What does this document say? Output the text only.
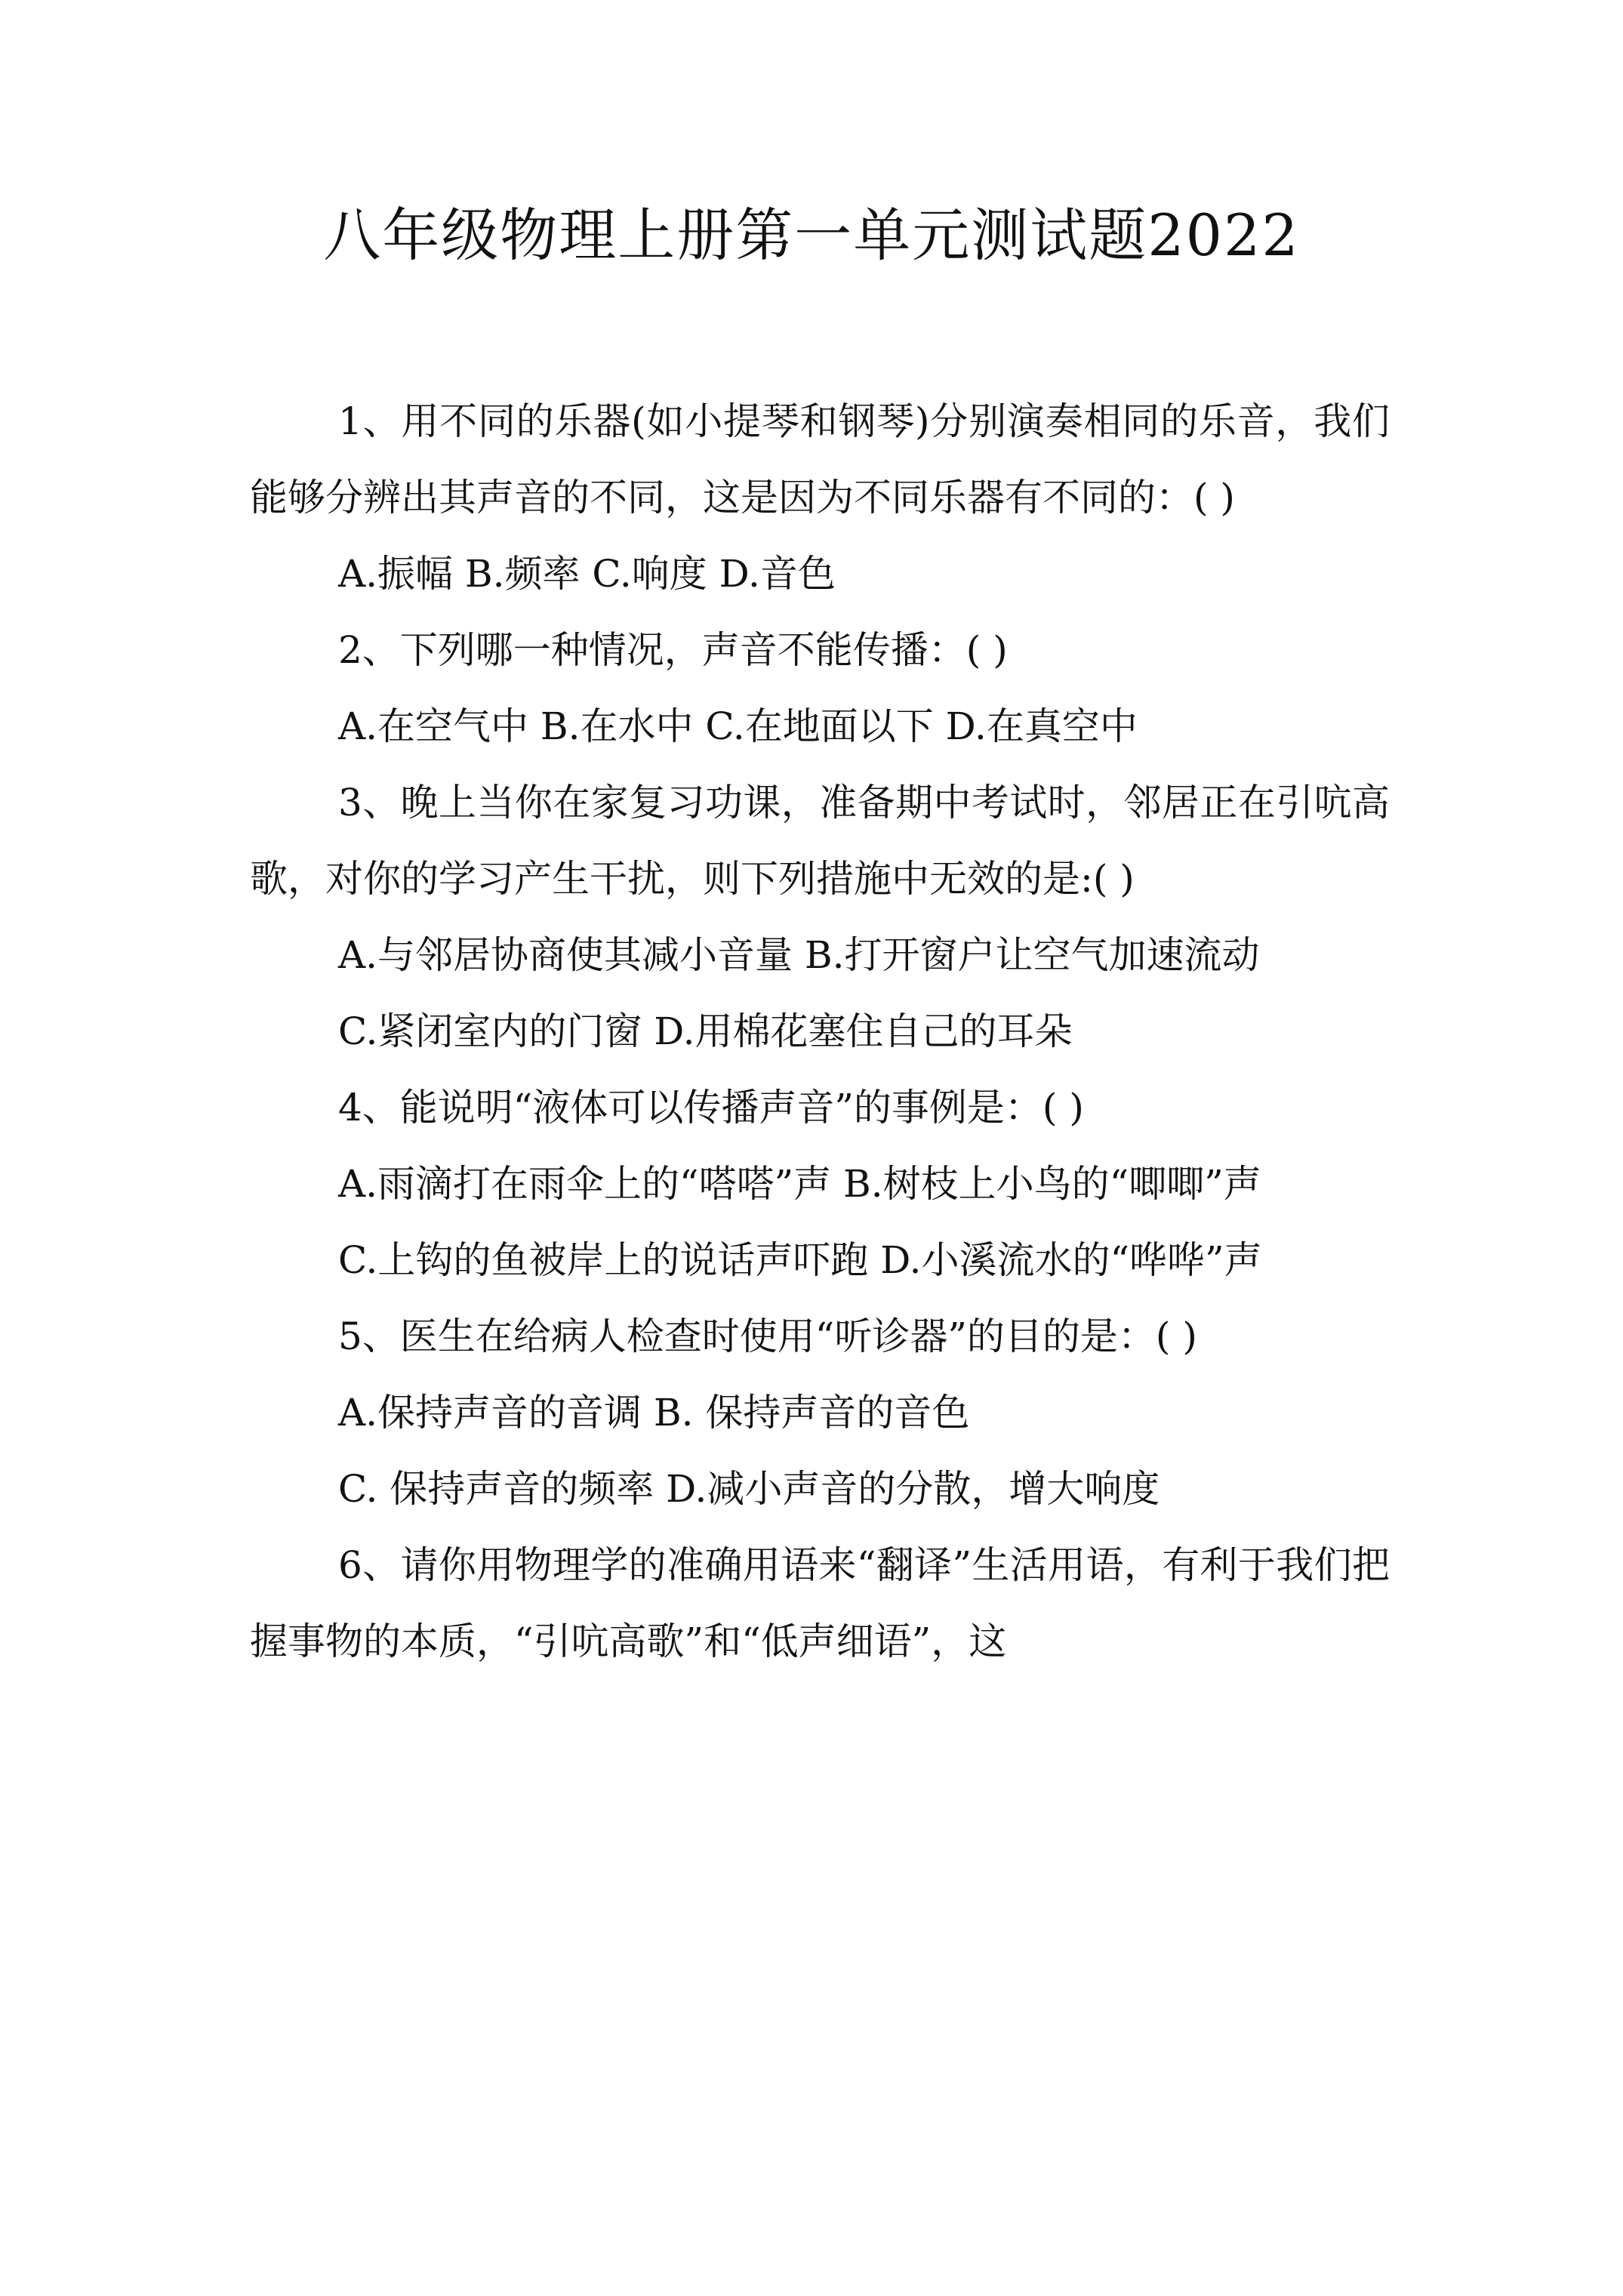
八年级物理上册第一单元测试题2022

1、用不同的乐器(如小提琴和钢琴)分别演奏相同的乐音，我们能够分辨出其声音的不同，这是因为不同乐器有不同的：( )

A.振幅 B.频率 C.响度 D.音色

2、下列哪一种情况，声音不能传播：( )

A.在空气中 B.在水中 C.在地面以下 D.在真空中

3、晚上当你在家复习功课，准备期中考试时，邻居正在引吭高歌，对你的学习产生干扰，则下列措施中无效的是:( )

A.与邻居协商使其减小音量 B.打开窗户让空气加速流动

C.紧闭室内的门窗 D.用棉花塞住自己的耳朵

4、能说明“液体可以传播声音”的事例是：( )

A.雨滴打在雨伞上的“嗒嗒”声 B.树枝上小鸟的“唧唧”声

C.上钩的鱼被岸上的说话声吓跑 D.小溪流水的“哗哗”声

5、医生在给病人检查时使用“听诊器”的目的是：( )

A.保持声音的音调 B. 保持声音的音色

C. 保持声音的频率 D.减小声音的分散，增大响度

6、请你用物理学的准确用语来“翻译”生活用语，有利于我们把握事物的本质，“引吭高歌”和“低声细语”，这
